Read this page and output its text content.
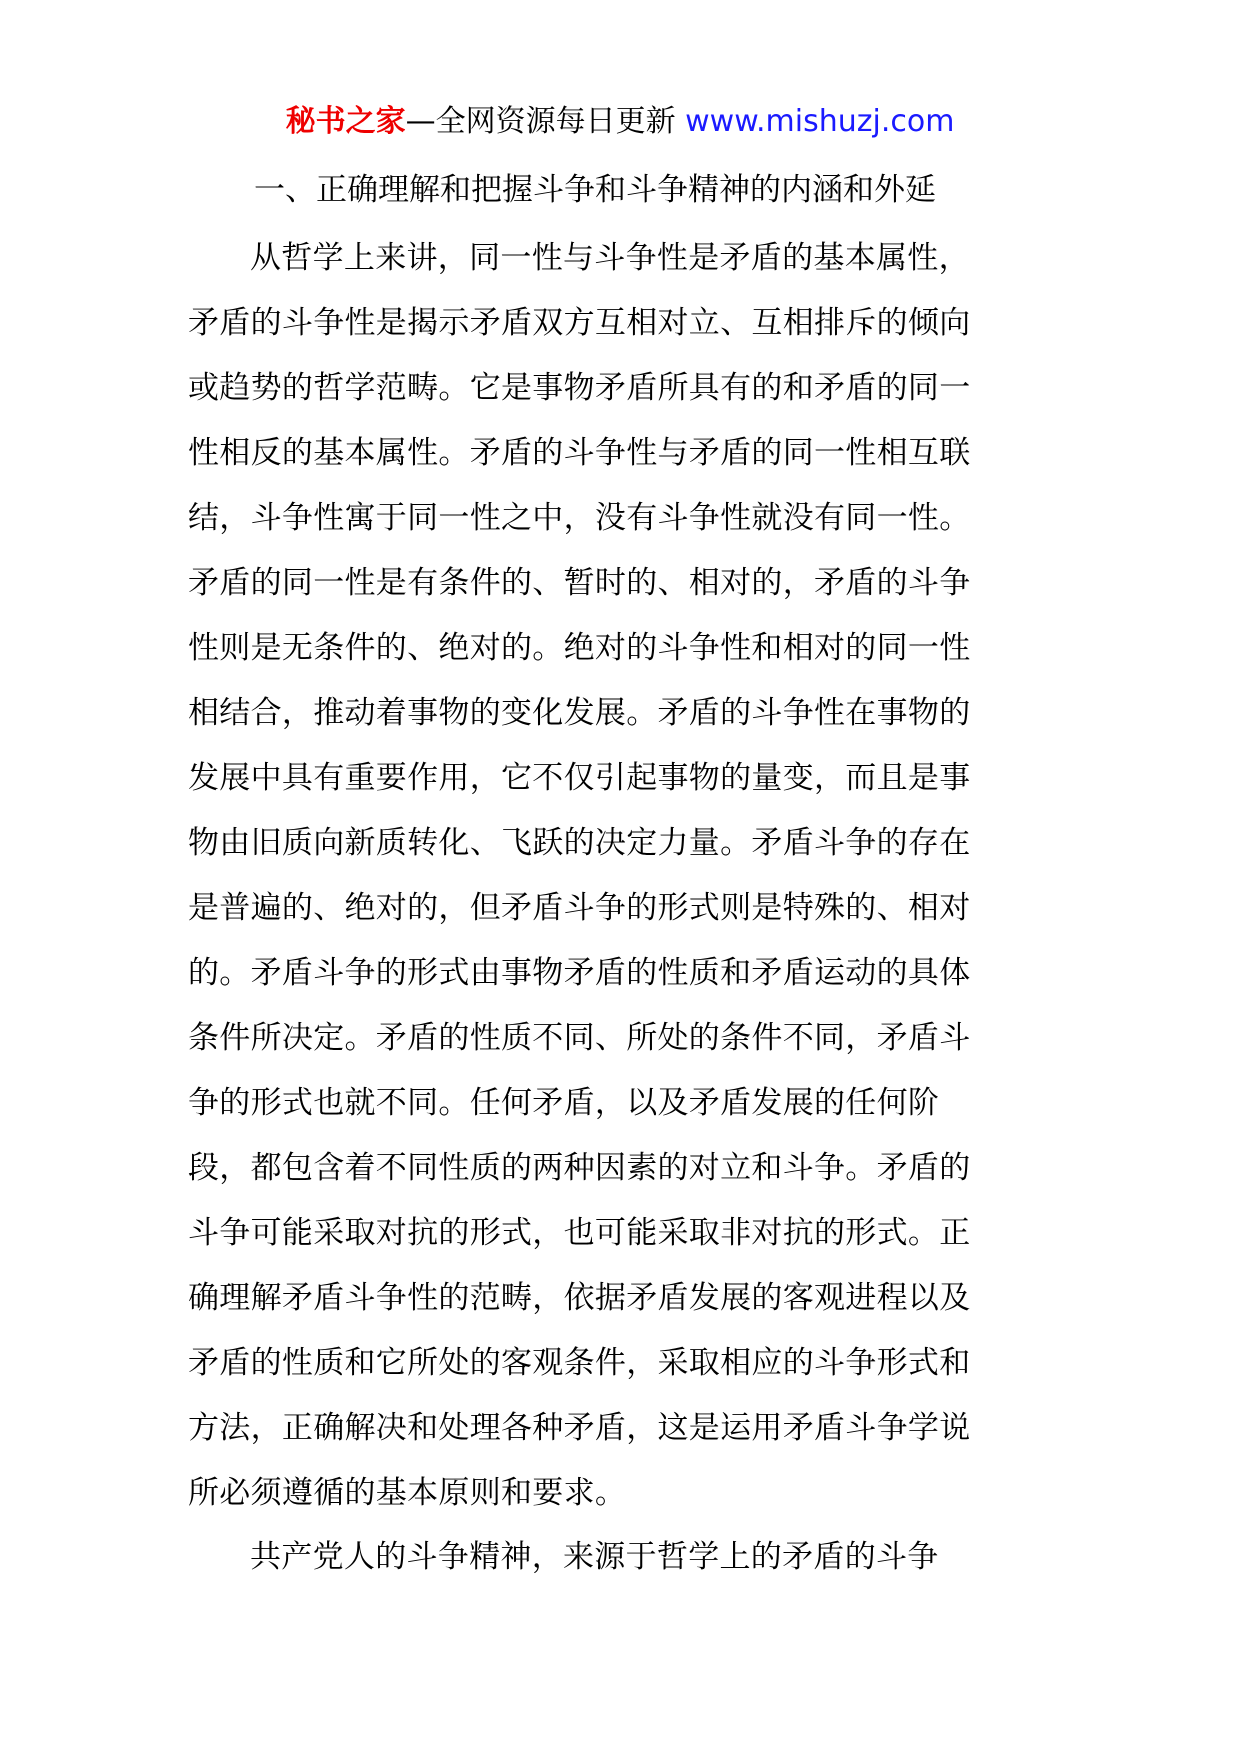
秘书之家—全网资源每日更新 www.mishuzj.com
一、正确理解和把握斗争和斗争精神的内涵和外延
从哲学上来讲，同一性与斗争性是矛盾的基本属性，
矛盾的斗争性是揭示矛盾双方互相对立、互相排斥的倾向
或趋势的哲学范畴。它是事物矛盾所具有的和矛盾的同一
性相反的基本属性。矛盾的斗争性与矛盾的同一性相互联
结，斗争性寓于同一性之中，没有斗争性就没有同一性。
矛盾的同一性是有条件的、暂时的、相对的，矛盾的斗争
性则是无条件的、绝对的。绝对的斗争性和相对的同一性
相结合，推动着事物的变化发展。矛盾的斗争性在事物的
发展中具有重要作用，它不仅引起事物的量变，而且是事
物由旧质向新质转化、飞跃的决定力量。矛盾斗争的存在
是普遍的、绝对的，但矛盾斗争的形式则是特殊的、相对
的。矛盾斗争的形式由事物矛盾的性质和矛盾运动的具体
条件所决定。矛盾的性质不同、所处的条件不同，矛盾斗
争的形式也就不同。任何矛盾，以及矛盾发展的任何阶
段，都包含着不同性质的两种因素的对立和斗争。矛盾的
斗争可能采取对抗的形式，也可能采取非对抗的形式。正
确理解矛盾斗争性的范畴，依据矛盾发展的客观进程以及
矛盾的性质和它所处的客观条件，采取相应的斗争形式和
方法，正确解决和处理各种矛盾，这是运用矛盾斗争学说
所必须遵循的基本原则和要求。
共产党人的斗争精神，来源于哲学上的矛盾的斗争
